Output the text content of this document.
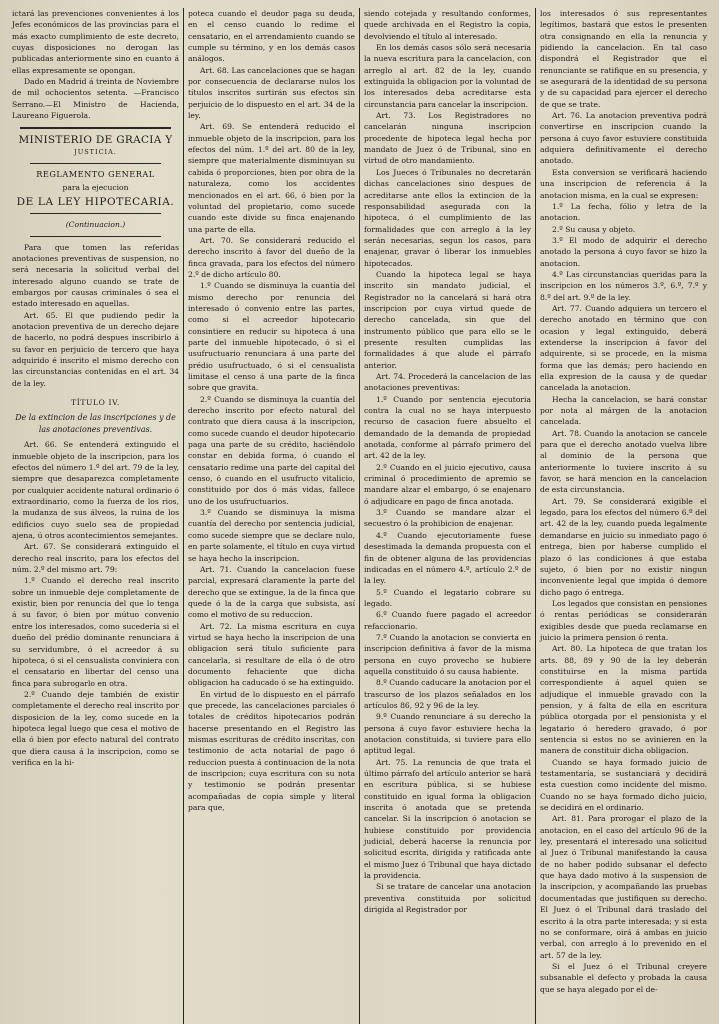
ictará las prevenciones convenientes á los Jefes económicos de las provincias para el más exacto cumplimiento de este decreto, cuyas disposiciones no derogan las publicadas anteriormente sino en cuanto á ellas expresamente se opongan.

Dado en Madrid á treinta de Noviembre de mil ochocientos setenta. —Francisco Serrano.—El Ministro de Hacienda, Laureano Figuerola.

MINISTERIO DE GRACIA Y
JUSTICIA.
REGLAMENTO GENERAL
para la ejecucion
DE LA LEY HIPOTECARIA.
(Continuacion.)

Para que tomen las referidas anotaciones preventivas de suspension, no será necesaria la solicitud verbal del interesado alguno cuando se trate de embargos por causas criminales ó sea el estado interesado en aquellas.

Art. 65. El que pudiendo pedir la anotacion preventiva de un derecho dejare de hacerlo, no podrá despues inscribirlo á su favor en perjuicio de tercero que haya adquirido é inscrito el mismo derecho con las circunstancias contenidas en el art. 34 de la ley.

TÍTULO IV.
De la extincion de las inscripciones y de las anotaciones preventivas.

Art. 66. Se entenderá extinguido el inmueble objeto de la inscripcion, para los efectos del número 1.º del art. 79 de la ley, siempre que desaparezca completamente por cualquier accidente natural ordinario ó extraordinario, como la fuerza de los rios, la mudanza de sus álveos, la ruina de los edificios cuyo suelo sea de propiedad ajena, ú otros acontecimientos semejantes.

Art. 67. Se considerará extinguido el derecho real inscrito, para los efectos del núm. 2.º del mismo art. 79:

1.º Cuando el derecho real inscrito sobre un inmueble deje completamente de existir, bien por renuncia del que lo tenga á su favor, ó bien por mútuo convenio entre los interesados, como sucedería si el dueño del prédio dominante renunciara á su servidumbre, ó el acreedor á su hipoteca, ó si el censualista conviniera con el censatario en libertar del censo una finca para subrogarlo en otra.

2.º Cuando deje también de existir completamente el derecho real inscrito por disposicion de la ley, como sucede en la hipoteca legal luego que cesa el motivo de ella ó bien por efecto natural del contrato que diera causa á la inscripcion, como se verifica en la hi-

poteca cuando el deudor paga su deuda, en el censo cuando lo redime el censatario, en el arrendamiento cuando se cumple su término, y en los demás casos análogos.

Art. 68. Las cancelaciones que se hagan por consecuencia de declararse nulos los títulos inscritos surtirán sus efectos sin perjuicio de lo dispuesto en el art. 34 de la ley.

Art. 69. Se entenderá reducido el inmueble objeto de la inscripcion, para los efectos del núm. 1.º del art. 80 de la ley, siempre que materialmente disminuyan su cabida ó proporciones, bien por obra de la naturaleza, como los accidentes mencionados en el art. 66, ó bien por la voluntad del propietario, como sucede cuando este divide su finca enajenando una parte de ella.

Art. 70. Se considerará reducido el derecho inscrito á favor del dueño de la finca gravada, para los efectos del número 2.º de dicho artículo 80.

1.º Cuando se disminuya la cuantía del mismo derecho por renuncia del interesado ó convenio entre las partes, como si el acreedor hipotecario consintiere en reducir su hipoteca á una parte del inmueble hipotecado, ó si el usufructuario renunciara á una parte del prédio usufructuado, ó si el censualista limitase el censo á una parte de la finca sobre que gravita.

2.º Cuando se disminuya la cuantía del derecho inscrito por efecto natural del contrato que diera causa á la inscripcion, como sucede cuando el deudor hipotecario paga una parte de su crédito, haciéndolo constar en debida forma, ó cuando el censatario redime una parte del capital del censo, ó cuando en el usufructo vitalicio, constituido por dos ó más vidas, fallece uno de los usufructuarios.

3.º Cuando se disminuya la misma cuantía del derecho por sentencia judicial, como sucede siempre que se declare nulo, en parte solamente, el título en cuya virtud se haya hecho la inscripcion.

Art. 71. Cuando la cancelacion fuese parcial, expresará claramente la parte del derecho que se extingue, la de la finca que quede ó la de la carga que subsista, así como el motivo de su reduccion.

Art. 72. La misma escritura en cuya virtud se haya hecho la inscripcion de una obligacion será título suficiente para cancelarla, si resultare de ella ó de otro documento fehaciente que dicha obligacion ha caducado ó se ha extinguido.

En virtud de lo dispuesto en el párrafo que precede, las cancelaciones parciales ó totales de créditos hipotecarios podrán hacerse presentando en el Registro las mismas escrituras de crédito inscritas, con testimonio de acta notarial de pago ó reduccion puesta á continuacion de la nota de inscripcion; cuya escritura con su nota y testimonio se podrán presentar acompañadas de copia simple y literal para que,

siendo cotejada y resultando conformes, quede archivada en el Registro la copia, devolviendo el título al interesado.

En los demás casos sólo será necesaria la nueva escritura para la cancelacion, con arreglo al art. 82 de la ley, cuando extinguida la obligacion por la voluntad de los interesados deba acreditarse esta circunstancia para cancelar la inscripcion.

Art. 73. Los Registradores no cancelarán ninguna inscripcion procedente de hipoteca legal hecha por mandato de Juez ó de Tribunal, sino en virtud de otro mandamiento.

Los Jueces ó Tribunales no decretarán dichas cancelaciones sino despues de acreditarse ante ellos la extincion de la responsabilidad asegurada con la hipoteca, ó el cumplimiento de las formalidades que con arreglo á la ley serán necesarias, segun los casos, para enajenar, gravar ó liberar los inmuebles hipotecados.

Cuando la hipoteca legal se haya inscrito sin mandato judicial, el Registrador no la cancelará si hará otra inscripcion por cuya virtud quede de derecho cancelada, sin que del instrumento público que para ello se le presente resulten cumplidas las formalidades á que alude el párrafo anterior.

Art. 74. Procederá la cancelacion de las anotaciones preventivas:

1.º Cuando por sentencia ejecutoria contra la cual no se haya interpuesto recurso de casacion fuere absuelto el demandado de la demanda de propiedad anotada, conforme al párrafo primero del art. 42 de la ley.

2.º Cuando en el juicio ejecutivo, causa criminal ó procedimiento de apremio se mandare alzar el embargo, ó se enajenaro ó adjudicare en pago de finca anotada.

3.º Cuando se mandare alzar el secuestro ó la prohibicion de enajenar.

4.º Cuando ejecutoriamente fuese desestimada la demanda propuesta con el fin de obtener alguna de las providencias indicadas en el número 4.º, artículo 2.º de la ley.

5.º Cuando el legatario cobrare su legado.

6.º Cuando fuere pagado el acreedor refaccionario.

7.º Cuando la anotacion se convierta en inscripcion definitiva á favor de la misma persona en cuyo provecho se hubiere aquella constituido ó su causa habiente.

8.º Cuando caducare la anotacion por el trascurso de los plazos señalados en los artículos 86, 92 y 96 de la ley.

9.º Cuando renunciare á su derecho la persona á cuyo favor estuviere hecha la anotacion constituida, si tuviere para ello aptitud legal.

Art. 75. La renuncia de que trata el último párrafo del artículo anterior se hará en escritura pública, si se hubiese constituido en igual forma la obligacion inscrita ó anotada que se pretenda cancelar. Si la inscripcion ó anotacion se hubiese constituido por providencia judicial, deberá hacerse la renuncia por solicitud escrita, dirigida y ratificada ante el mismo Juez ó Tribunal que haya dictado la providencia.

Si se tratare de cancelar una anotacion preventiva constituida por solicitud dirigida al Registrador por

los interesados ó sus representantes legítimos, bastará que estos le presenten otra consignando en ella la renuncia y pidiendo la cancelacion. En tal caso dispondrá el Registrador que el renunciante se ratifique en su presencia, y se asegurará de la identidad de su persona y de su capacidad para ejercer el derecho de que se trate.

Art. 76. La anotacion preventiva podrá convertirse en inscripcion cuando la persona á cuyo favor estuviere constituida adquiera definitivamente el derecho anotado.

Esta conversion se verificará haciendo una inscripcion de referencia á la anotacion misma, en la cual se expresen:

1.º La fecha, fólio y letra de la anotacion.

2.º Su causa y objeto.

3.º El modo de adquirir el derecho anotado la persona á cuyo favor se hizo la anotacion.

4.º Las circunstancias queridas para la inscripcion en los números 3.º, 6.º, 7.º y 8.º del art. 9.º de la ley.

Art. 77. Cuando adquiera un tercero el derecho anotado en término que con ocasion y legal extinguido, deberá extenderse la inscripcion á favor del adquirente, si se procede, en la misma forma que las demás; pero haciendo en ella expresion de la causa y de quedar cancelada la anotacion.

Hecha la cancelacion, se hará constar por nota al márgen de la anotacion cancelada.

Art. 78. Cuando la anotacion se cancele para que el derecho anotado vuelva libre al dominio de la persona que anteriormente lo tuviere inscrito á su favor, se hará mencion en la cancelacion de esta circunstancia.

Art. 79. Se considerará exigible el legado, para los efectos del número 6.º del art. 42 de la ley, cuando pueda legalmente demandarse en juicio su inmediato pago ó entrega, bien por haberse cumplido el plazo ó las condiciones á que estaba sujeto, ó bien por no existir ningun inconveniente legal que impida ó demore dicho pago ó entrega.

Los legados que consistan en pensiones ó rentas periódicas se considerarán exigibles desde que pueda reclamarse en juicio la primera pension ó renta.

Art. 80. La hipoteca de que tratan los arts. 88, 89 y 90 de la ley deberán constituirse en la misma partida correspondiente á aquel quien se adjudique el inmueble gravado con la pension, y á falta de ella en escritura pública otorgada por el pensionista y el legatario ó heredero gravado, ó por sentencia si estos no se avinieren en la manera de constituir dicha obligacion.

Cuando se haya formado juicio de testamentaría, se sustanciará y decidirá esta cuestion como incidente del mismo. Cuando no se haya formado dicho juicio, se decidirá en el ordinario.

Art. 81. Para prorogar el plazo de la anotacion, en el caso del artículo 96 de la ley, presentará el interesado una solicitud al Juez ó Tribunal manifestando la causa de no haber podido subsanar el defecto que haya dado motivo á la suspension de la inscripcion, y acompañando las pruebas documentadas que justifiquen su derecho. El Juez ó el Tribunal dará traslado del escrito á la otra parte interesada; y si esta no se conformare, oirá á ambas en juicio verbal, con arreglo á lo prevenido en el art. 57 de la ley.

Si el Juez ó el Tribunal creyere subsanable el defecto y probada la causa que se haya alegado por el de-
